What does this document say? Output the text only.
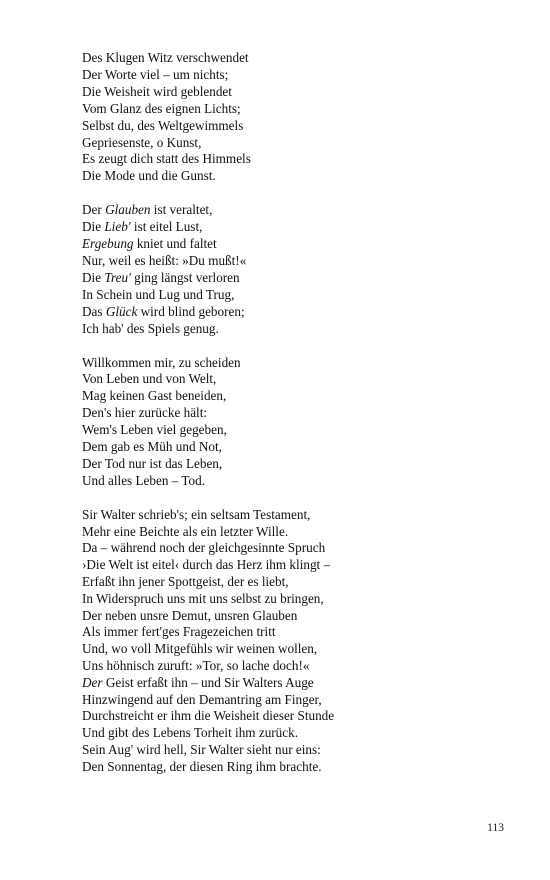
Des Klugen Witz verschwendet
Der Worte viel – um nichts;
Die Weisheit wird geblendet
Vom Glanz des eignen Lichts;
Selbst du, des Weltgewimmels
Gepriesenste, o Kunst,
Es zeugt dich statt des Himmels
Die Mode und die Gunst.
Der Glauben ist veraltet,
Die Lieb' ist eitel Lust,
Ergebung kniet und faltet
Nur, weil es heißt: »Du mußt!«
Die Treu' ging längst verloren
In Schein und Lug und Trug,
Das Glück wird blind geboren;
Ich hab' des Spiels genug.
Willkommen mir, zu scheiden
Von Leben und von Welt,
Mag keinen Gast beneiden,
Den's hier zurücke hält:
Wem's Leben viel gegeben,
Dem gab es Müh und Not,
Der Tod nur ist das Leben,
Und alles Leben – Tod.
Sir Walter schrieb's; ein seltsam Testament,
Mehr eine Beichte als ein letzter Wille.
Da – während noch der gleichgesinnte Spruch
›Die Welt ist eitel‹ durch das Herz ihm klingt –
Erfaßt ihn jener Spottgeist, der es liebt,
In Widerspruch uns mit uns selbst zu bringen,
Der neben unsre Demut, unsren Glauben
Als immer fert'ges Fragezeichen tritt
Und, wo voll Mitgefühls wir weinen wollen,
Uns höhnisch zuruft: »Tor, so lache doch!«
Der Geist erfaßt ihn – und Sir Walters Auge
Hinzwingend auf den Demantring am Finger,
Durchstreicht er ihm die Weisheit dieser Stunde
Und gibt des Lebens Torheit ihm zurück.
Sein Aug' wird hell, Sir Walter sieht nur eins:
Den Sonnentag, der diesen Ring ihm brachte.
113
